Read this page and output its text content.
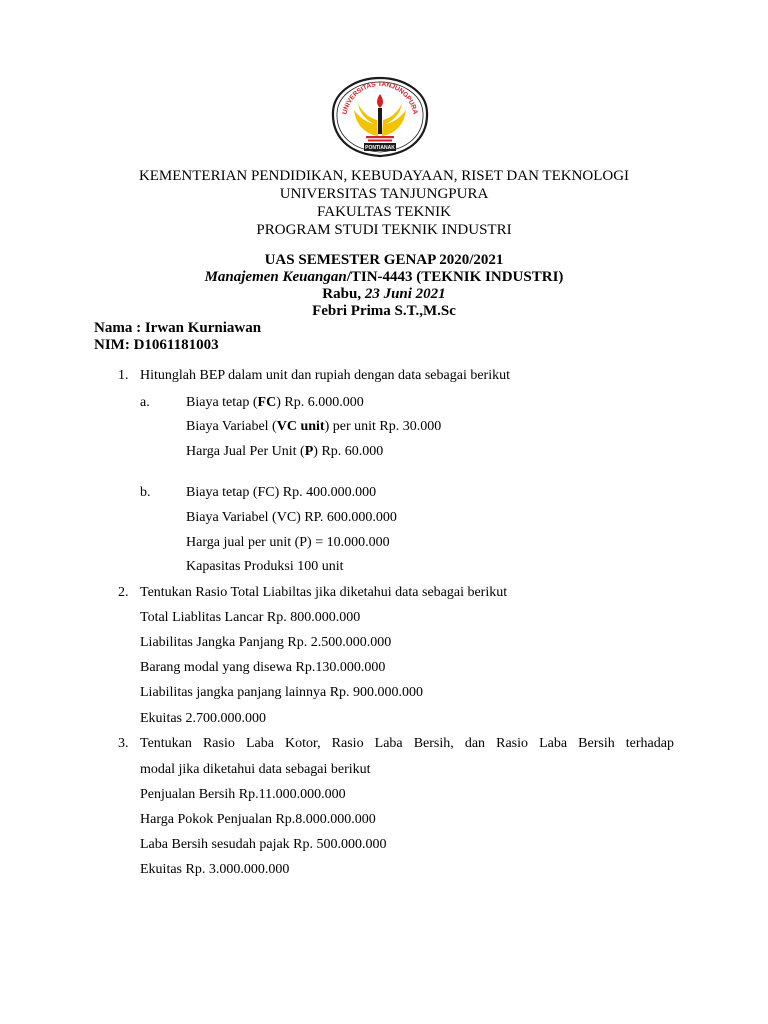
UNIVERSITAS TANJUNGPURA
PONTIANAK
KEMENTERIAN PENDIDIKAN, KEBUDAYAAN, RISET DAN TEKNOLOGI
UNIVERSITAS TANJUNGPURA
FAKULTAS TEKNIK
PROGRAM STUDI TEKNIK INDUSTRI
UAS SEMESTER GENAP 2020/2021
Manajemen Keuangan/TIN-4443 (TEKNIK INDUSTRI)
Rabu, 23 Juni 2021
Febri Prima S.T.,M.Sc
Nama : Irwan Kurniawan
NIM: D1061181003
1. Hitunglah BEP dalam unit dan rupiah dengan data sebagai berikut
a.	Biaya tetap (FC) Rp. 6.000.000
Biaya Variabel (VC unit) per unit Rp. 30.000
Harga Jual Per Unit (P) Rp. 60.000
b.	Biaya tetap (FC) Rp. 400.000.000
Biaya Variabel (VC) RP. 600.000.000
Harga jual per unit (P) = 10.000.000
Kapasitas Produksi 100 unit
2. Tentukan Rasio Total Liabiltas jika diketahui data sebagai berikut
Total Liablitas Lancar Rp. 800.000.000
Liabilitas Jangka Panjang Rp. 2.500.000.000
Barang modal yang disewa Rp.130.000.000
Liabilitas jangka panjang lainnya Rp. 900.000.000
Ekuitas 2.700.000.000
3. Tentukan Rasio Laba Kotor, Rasio Laba Bersih, dan Rasio Laba Bersih terhadap
modal jika diketahui data sebagai berikut
Penjualan Bersih Rp.11.000.000.000
Harga Pokok Penjualan Rp.8.000.000.000
Laba Bersih sesudah pajak Rp. 500.000.000
Ekuitas Rp. 3.000.000.000
